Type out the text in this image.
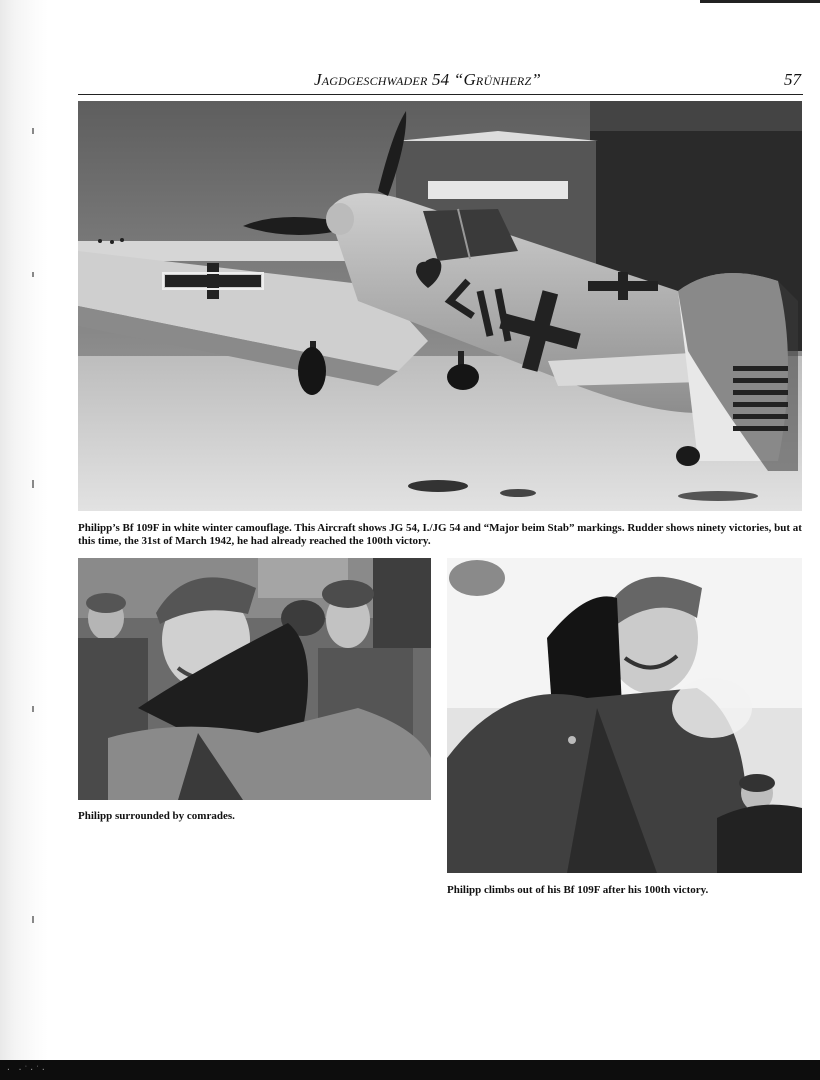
Jagdgeschwader 54 “Grünherz”	57
Philipp’s Bf 109F in white winter camouflage. This Aircraft shows JG 54, I./JG 54 and “Major beim Stab” markings. Rudder shows ninety victories, but at this time, the 31st of March 1942, he had already reached the 100th victory.
Philipp surrounded by comrades.
Philipp climbs out of his Bf 109F after his 100th victory.
· ·˙·˙·
